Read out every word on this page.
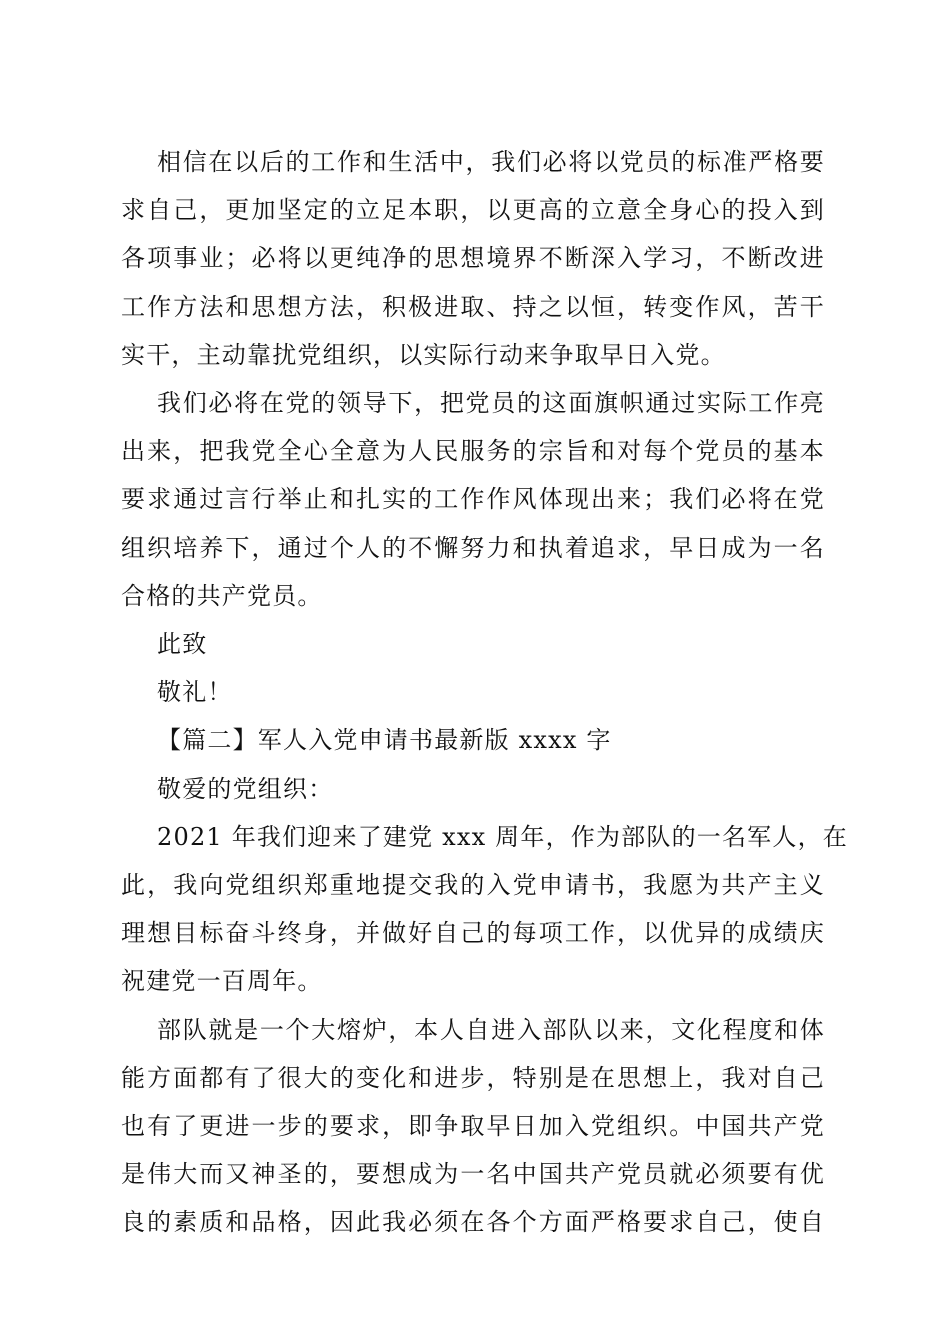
相信在以后的工作和生活中，我们必将以党员的标准严格要
求自己，更加坚定的立足本职，以更高的立意全身心的投入到
各项事业；必将以更纯净的思想境界不断深入学习，不断改进
工作方法和思想方法，积极进取、持之以恒，转变作风，苦干
实干，主动靠扰党组织，以实际行动来争取早日入党。
我们必将在党的领导下，把党员的这面旗帜通过实际工作亮
出来，把我党全心全意为人民服务的宗旨和对每个党员的基本
要求通过言行举止和扎实的工作作风体现出来；我们必将在党
组织培养下，通过个人的不懈努力和执着追求，早日成为一名
合格的共产党员。

此致

敬礼！

【篇二】军人入党申请书最新版 xxxx 字

敬爱的党组织：

2021 年我们迎来了建党 xxx 周年，作为部队的一名军人，在
此，我向党组织郑重地提交我的入党申请书，我愿为共产主义
理想目标奋斗终身，并做好自己的每项工作，以优异的成绩庆
祝建党一百周年。
部队就是一个大熔炉，本人自进入部队以来，文化程度和体
能方面都有了很大的变化和进步，特别是在思想上，我对自己
也有了更进一步的要求，即争取早日加入党组织。中国共产党
是伟大而又神圣的，要想成为一名中国共产党员就必须要有优
良的素质和品格，因此我必须在各个方面严格要求自己，使自
